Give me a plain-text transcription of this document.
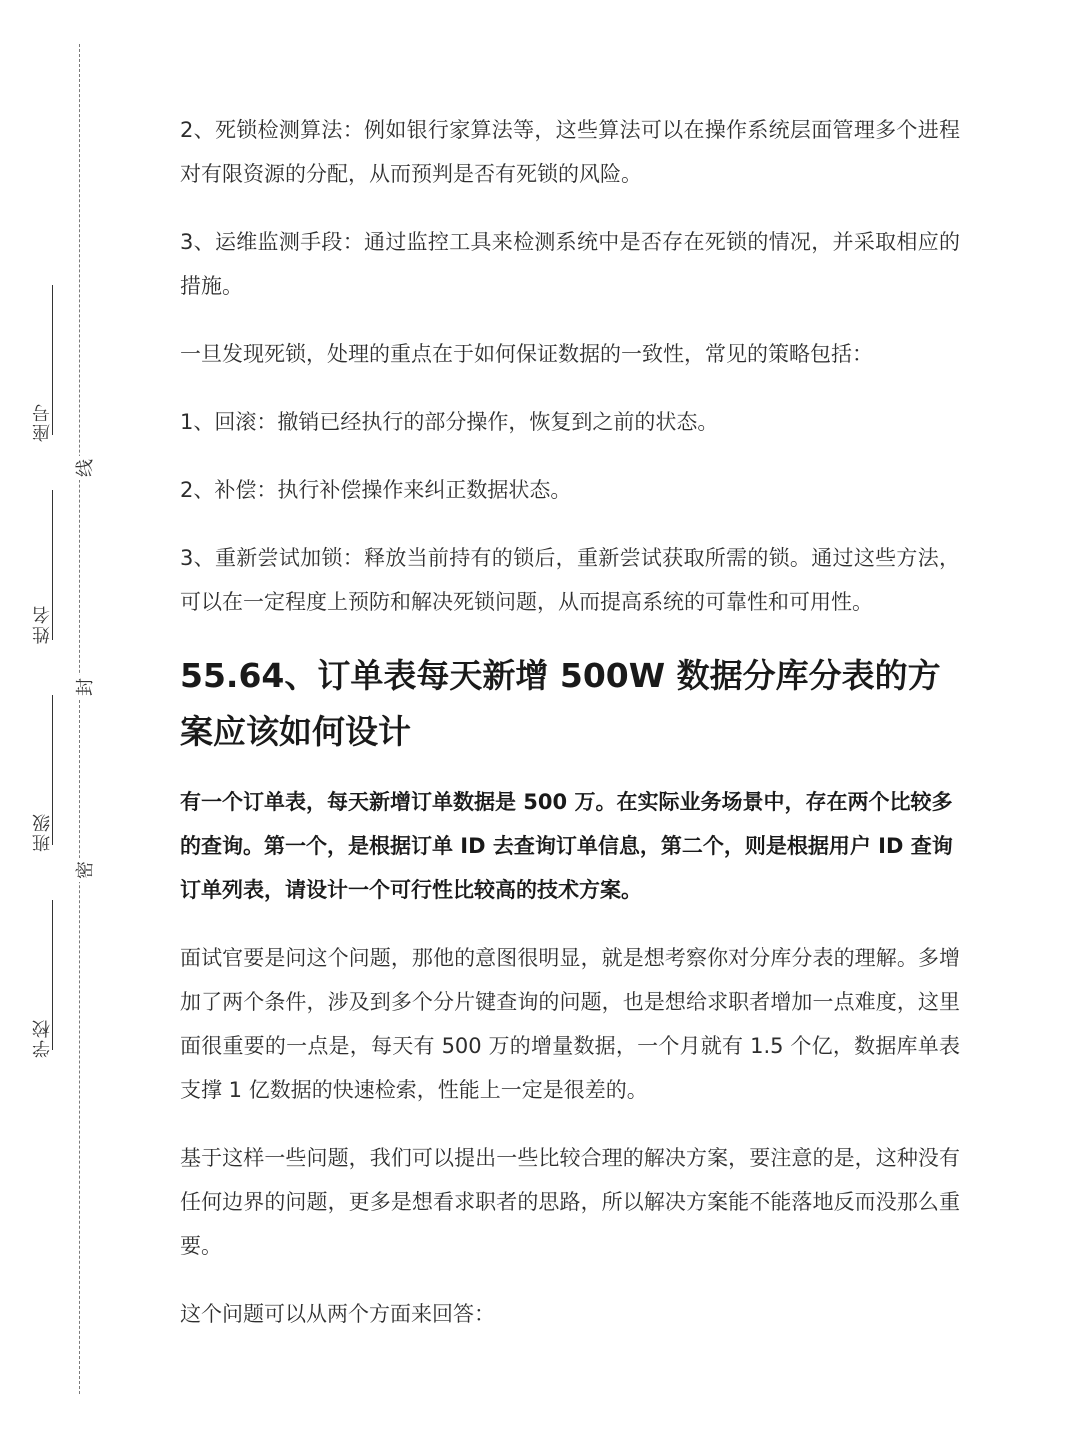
座号
姓名
班级
学校
线
封
密

2、死锁检测算法：例如银行家算法等，这些算法可以在操作系统层面管理多个进程对有限资源的分配，从而预判是否有死锁的风险。

3、运维监测手段：通过监控工具来检测系统中是否存在死锁的情况，并采取相应的措施。

一旦发现死锁，处理的重点在于如何保证数据的一致性，常见的策略包括：

1、回滚：撤销已经执行的部分操作，恢复到之前的状态。

2、补偿：执行补偿操作来纠正数据状态。

3、重新尝试加锁：释放当前持有的锁后，重新尝试获取所需的锁。通过这些方法，可以在一定程度上预防和解决死锁问题，从而提高系统的可靠性和可用性。

55.64、订单表每天新增 500W 数据分库分表的方案应该如何设计

有一个订单表，每天新增订单数据是 500 万。在实际业务场景中，存在两个比较多的查询。第一个，是根据订单 ID 去查询订单信息，第二个，则是根据用户 ID 查询订单列表，请设计一个可行性比较高的技术方案。

面试官要是问这个问题，那他的意图很明显，就是想考察你对分库分表的理解。多增加了两个条件，涉及到多个分片键查询的问题，也是想给求职者增加一点难度，这里面很重要的一点是，每天有 500 万的增量数据，一个月就有 1.5 个亿，数据库单表支撑 1 亿数据的快速检索，性能上一定是很差的。

基于这样一些问题，我们可以提出一些比较合理的解决方案，要注意的是，这种没有任何边界的问题，更多是想看求职者的思路，所以解决方案能不能落地反而没那么重要。

这个问题可以从两个方面来回答：
